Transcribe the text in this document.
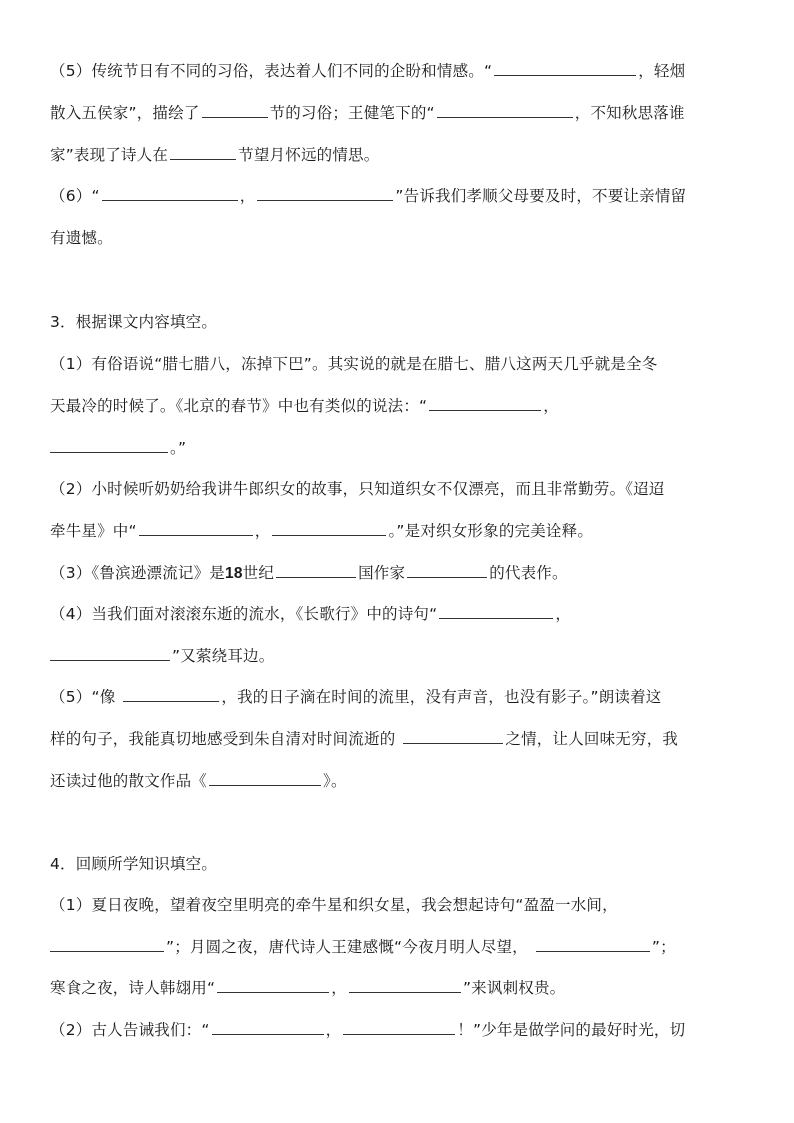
（5）传统节日有不同的习俗，表达着人们不同的企盼和情感。“	，轻烟
散入五侯家”，描绘了	节的习俗；王健笔下的“	，不知秋思落谁
家”表现了诗人在	节望月怀远的情思。
（6）“	，	”告诉我们孝顺父母要及时，不要让亲情留
有遗憾。
3．根据课文内容填空。
（1）有俗语说“腊七腊八，冻掉下巴”。其实说的就是在腊七、腊八这两天几乎就是全冬
天最冷的时候了。《北京的春节》中也有类似的说法：“	，
。”
（2）小时候听奶奶给我讲牛郎织女的故事，只知道织女不仅漂亮，而且非常勤劳。《迢迢
牵牛星》中“	，	。”是对织女形象的完美诠释。
（3）《鲁滨逊漂流记》是18世纪	国作家	的代表作。
（4）当我们面对滚滚东逝的流水，《长歌行》中的诗句“	，
”又萦绕耳边。
（5）“像	，我的日子滴在时间的流里，没有声音，也没有影子。”朗读着这
样的句子，我能真切地感受到朱自清对时间流逝的	之情，让人回味无穷，我
还读过他的散文作品《	》。
4．回顾所学知识填空。
（1）夏日夜晚，望着夜空里明亮的牵牛星和织女星，我会想起诗句“盈盈一水间，
”；月圆之夜，唐代诗人王建感慨“今夜月明人尽望，	”；
寒食之夜，诗人韩翃用“	，	”来讽刺权贵。
（2）古人告诫我们：“	，	！”少年是做学问的最好时光，切
